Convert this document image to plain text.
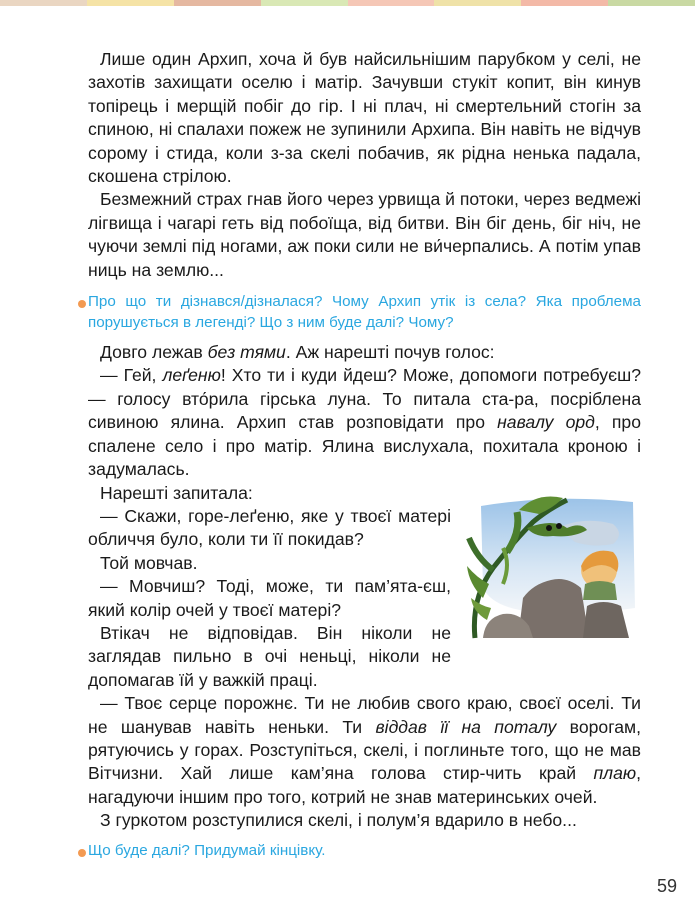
Лише один Архип, хоча й був найсильнішим парубком у селі, не захотів захищати оселю і матір. Зачувши стукіт копит, він кинув топірець і мерщій побіг до гір. І ні плач, ні смертельний стогін за спиною, ні спалахи пожеж не зупинили Архипа. Він навіть не відчув сорому і стида, коли з-за скелі побачив, як рідна ненька падала, скошена стрілою.

Безмежний страх гнав його через урвища й потоки, через ведмежі лігвища і чагарі геть від побоїща, від битви. Він біг день, біг ніч, не чуючи землі під ногами, аж поки сили не ви́черпались. А потім упав ниць на землю...

Про що ти дізнався/дізналася? Чому Архип утік із села? Яка проблема порушується в легенді? Що з ним буде далі? Чому?

Довго лежав без тями. Аж нарешті почув голос:

— Гей, леґеню! Хто ти і куди йдеш? Може, допомоги потребуєш? — голосу вто́рила гірська луна. То питала ста-ра, посріблена сивиною ялина. Архип став розповідати про навалу орд, про спалене село і про матір. Ялина вислухала, похитала кроною і задумалась.

Нарешті запитала:

— Скажи, горе-леґеню, яке у твоєї матері обличчя було, коли ти її покидав?

Той мовчав.

— Мовчиш? Тоді, може, ти пам’ята-єш, який колір очей у твоєї матері?

Втікач не відповідав. Він ніколи не заглядав пильно в очі неньці, ніколи не допомагав їй у важкій праці.

— Твоє серце порожнє. Ти не любив свого краю, своєї оселі. Ти не шанував навіть неньки. Ти віддав її на поталу ворогам, рятуючись у горах. Розступіться, скелі, і поглиньте того, що не мав Вітчизни. Хай лише кам’яна голова стир-чить край плаю, нагадуючи іншим про того, котрий не знав материнських очей.

З гуркотом розступилися скелі, і полум’я вдарило в небо...

Що буде далі? Придумай кінцівку.
59
